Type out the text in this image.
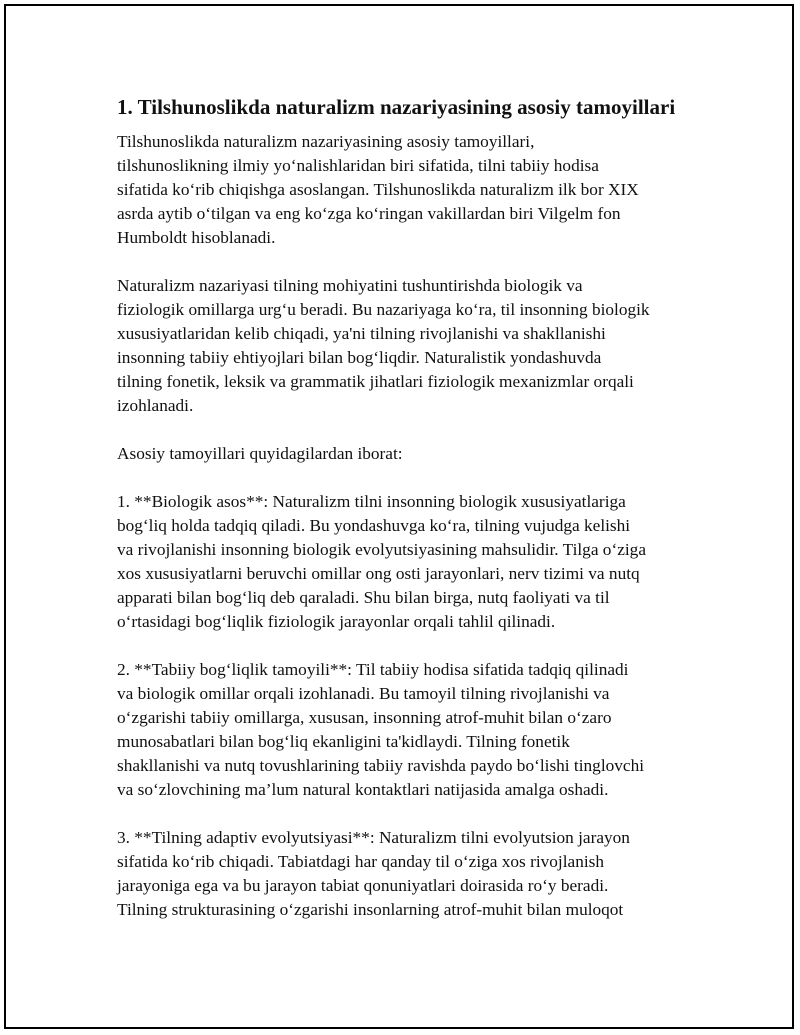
1. Tilshunoslikda naturalizm nazariyasining asosiy tamoyillari

Tilshunoslikda naturalizm nazariyasining asosiy tamoyillari,
tilshunoslikning ilmiy yo‘nalishlaridan biri sifatida, tilni tabiiy hodisa
sifatida ko‘rib chiqishga asoslangan. Tilshunoslikda naturalizm ilk bor XIX
asrda aytib o‘tilgan va eng ko‘zga ko‘ringan vakillardan biri Vilgelm fon
Humboldt hisoblanadi.

Naturalizm nazariyasi tilning mohiyatini tushuntirishda biologik va
fiziologik omillarga urg‘u beradi. Bu nazariyaga ko‘ra, til insonning biologik
xususiyatlaridan kelib chiqadi, ya'ni tilning rivojlanishi va shakllanishi
insonning tabiiy ehtiyojlari bilan bog‘liqdir. Naturalistik yondashuvda
tilning fonetik, leksik va grammatik jihatlari fiziologik mexanizmlar orqali
izohlanadi.

Asosiy tamoyillari quyidagilardan iborat:

1. **Biologik asos**: Naturalizm tilni insonning biologik xususiyatlariga
bog‘liq holda tadqiq qiladi. Bu yondashuvga ko‘ra, tilning vujudga kelishi
va rivojlanishi insonning biologik evolyutsiyasining mahsulidir. Tilga o‘ziga
xos xususiyatlarni beruvchi omillar ong osti jarayonlari, nerv tizimi va nutq
apparati bilan bog‘liq deb qaraladi. Shu bilan birga, nutq faoliyati va til
o‘rtasidagi bog‘liqlik fiziologik jarayonlar orqali tahlil qilinadi.

2. **Tabiiy bog‘liqlik tamoyili**: Til tabiiy hodisa sifatida tadqiq qilinadi
va biologik omillar orqali izohlanadi. Bu tamoyil tilning rivojlanishi va
o‘zgarishi tabiiy omillarga, xususan, insonning atrof-muhit bilan o‘zaro
munosabatlari bilan bog‘liq ekanligini ta'kidlaydi. Tilning fonetik
shakllanishi va nutq tovushlarining tabiiy ravishda paydo bo‘lishi tinglovchi
va so‘zlovchining ma’lum natural kontaktlari natijasida amalga oshadi.

3. **Tilning adaptiv evolyutsiyasi**: Naturalizm tilni evolyutsion jarayon
sifatida ko‘rib chiqadi. Tabiatdagi har qanday til o‘ziga xos rivojlanish
jarayoniga ega va bu jarayon tabiat qonuniyatlari doirasida ro‘y beradi.
Tilning strukturasining o‘zgarishi insonlarning atrof-muhit bilan muloqot
